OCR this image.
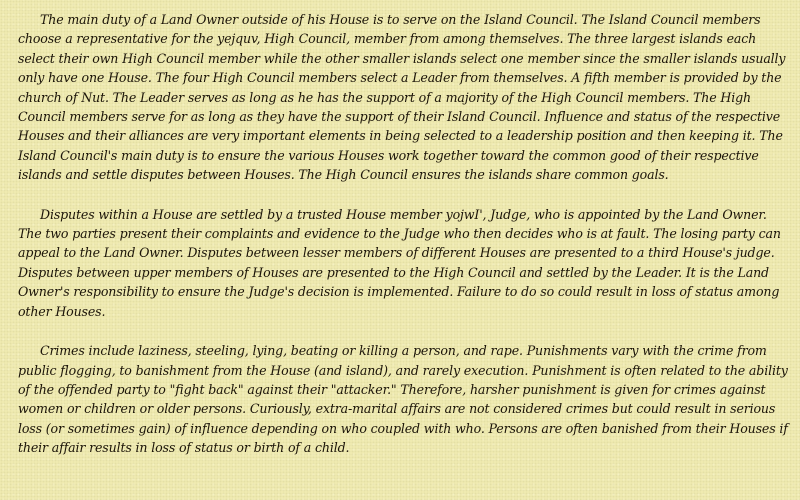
The main duty of a Land Owner outside of his House is to serve on the Island Council. The Island Council members choose a representative for the yejquv, High Council, member from among themselves. The three largest islands each select their own High Council member while the other smaller islands select one member since the smaller islands usually only have one House. The four High Council members select a Leader from themselves. A fifth member is provided by the church of Nut. The Leader serves as long as he has the support of a majority of the High Council members. The High Council members serve for as long as they have the support of their Island Council. Influence and status of the respective Houses and their alliances are very important elements in being selected to a leadership position and then keeping it. The Island Council's main duty is to ensure the various Houses work together toward the common good of their respective islands and settle disputes between Houses. The High Council ensures the islands share common goals.

Disputes within a House are settled by a trusted House member yojwI', Judge, who is appointed by the Land Owner. The two parties present their complaints and evidence to the Judge who then decides who is at fault. The losing party can appeal to the Land Owner. Disputes between lesser members of different Houses are presented to a third House's judge. Disputes between upper members of Houses are presented to the High Council and settled by the Leader. It is the Land Owner's responsibility to ensure the Judge's decision is implemented. Failure to do so could result in loss of status among other Houses.

Crimes include laziness, steeling, lying, beating or killing a person, and rape. Punishments vary with the crime from public flogging, to banishment from the House (and island), and rarely execution. Punishment is often related to the ability of the offended party to "fight back" against their "attacker." Therefore, harsher punishment is given for crimes against women or children or older persons. Curiously, extra-marital affairs are not considered crimes but could result in serious loss (or sometimes gain) of influence depending on who coupled with who. Persons are often banished from their Houses if their affair results in loss of status or birth of a child.
